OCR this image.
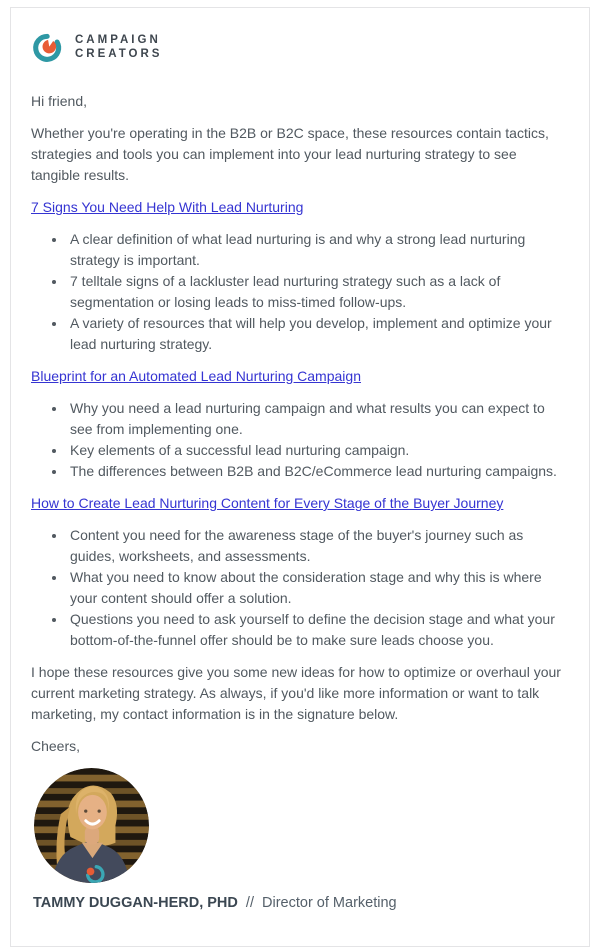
CAMPAIGN
CREATORS

Hi friend,

Whether you're operating in the B2B or B2C space, these resources contain tactics, strategies and tools you can implement into your lead nurturing strategy to see tangible results.

7 Signs You Need Help With Lead Nurturing

• A clear definition of what lead nurturing is and why a strong lead nurturing strategy is important.
• 7 telltale signs of a lackluster lead nurturing strategy such as a lack of segmentation or losing leads to miss-timed follow-ups.
• A variety of resources that will help you develop, implement and optimize your lead nurturing strategy.

Blueprint for an Automated Lead Nurturing Campaign

• Why you need a lead nurturing campaign and what results you can expect to see from implementing one.
• Key elements of a successful lead nurturing campaign.
• The differences between B2B and B2C/eCommerce lead nurturing campaigns.

How to Create Lead Nurturing Content for Every Stage of the Buyer Journey

• Content you need for the awareness stage of the buyer's journey such as guides, worksheets, and assessments.
• What you need to know about the consideration stage and why this is where your content should offer a solution.
• Questions you need to ask yourself to define the decision stage and what your bottom-of-the-funnel offer should be to make sure leads choose you.

I hope these resources give you some new ideas for how to optimize or overhaul your current marketing strategy. As always, if you'd like more information or want to talk marketing, my contact information is in the signature below.

Cheers,

TAMMY DUGGAN-HERD, PHD // Director of Marketing
